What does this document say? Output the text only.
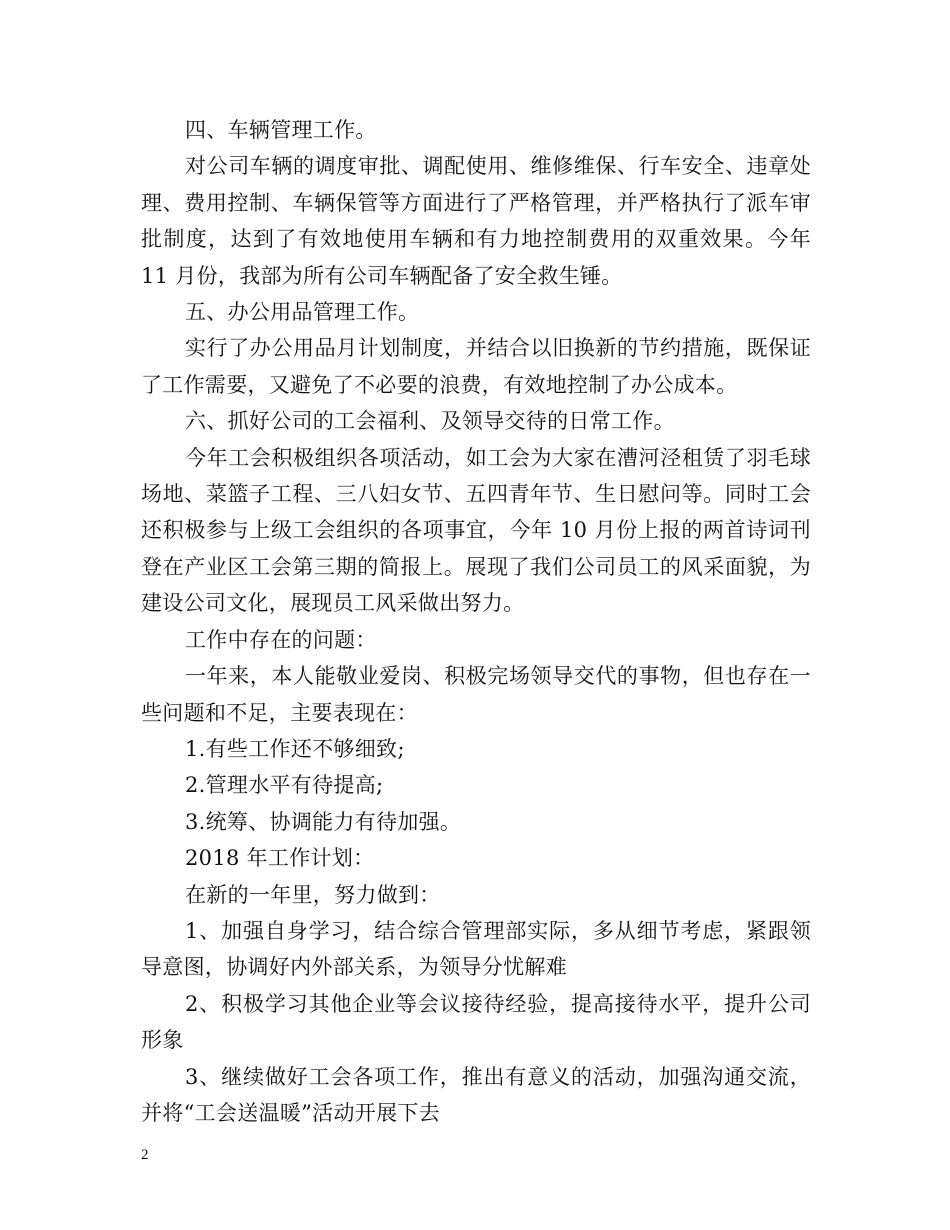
四、车辆管理工作。
对公司车辆的调度审批、调配使用、维修维保、行车安全、违章处
理、费用控制、车辆保管等方面进行了严格管理，并严格执行了派车审
批制度，达到了有效地使用车辆和有力地控制费用的双重效果。今年
11 月份，我部为所有公司车辆配备了安全救生锤。
五、办公用品管理工作。
实行了办公用品月计划制度，并结合以旧换新的节约措施，既保证
了工作需要，又避免了不必要的浪费，有效地控制了办公成本。
六、抓好公司的工会福利、及领导交待的日常工作。
今年工会积极组织各项活动，如工会为大家在漕河泾租赁了羽毛球
场地、菜篮子工程、三八妇女节、五四青年节、生日慰问等。同时工会
还积极参与上级工会组织的各项事宜，今年 10 月份上报的两首诗词刊
登在产业区工会第三期的简报上。展现了我们公司员工的风采面貌，为
建设公司文化，展现员工风采做出努力。
工作中存在的问题：
一年来，本人能敬业爱岗、积极完场领导交代的事物，但也存在一
些问题和不足，主要表现在：
1.有些工作还不够细致;
2.管理水平有待提高;
3.统筹、协调能力有待加强。
2018 年工作计划：
在新的一年里，努力做到：
1、加强自身学习，结合综合管理部实际，多从细节考虑，紧跟领
导意图，协调好内外部关系，为领导分忧解难
2、积极学习其他企业等会议接待经验，提高接待水平，提升公司
形象
3、继续做好工会各项工作，推出有意义的活动，加强沟通交流，
并将“工会送温暖”活动开展下去
2
